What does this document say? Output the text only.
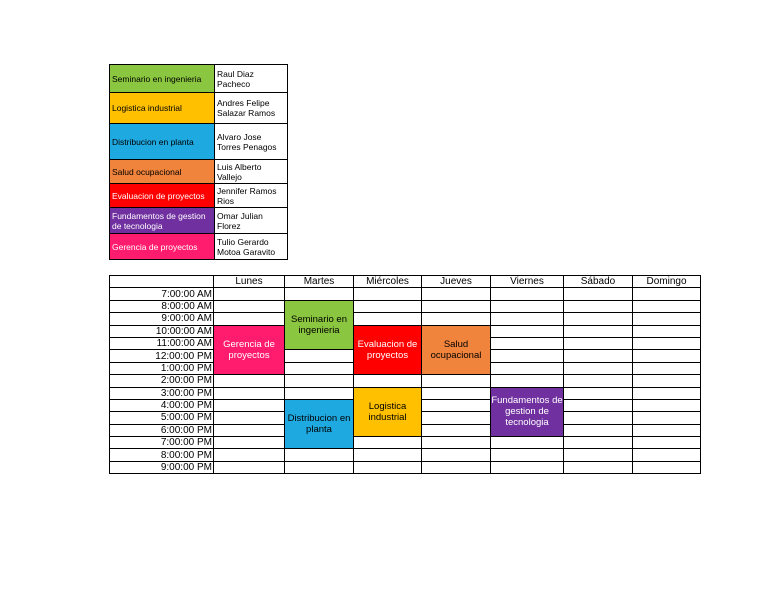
Seminario en ingenieria	Raul Diaz Pacheco
Logistica industrial	Andres Felipe Salazar Ramos
Distribucion en planta	Alvaro Jose Torres Penagos
Salud ocupacional	Luis Alberto Vallejo
Evaluacion de proyectos	Jennifer Ramos Rios
Fundamentos de gestion de tecnologia	Omar Julian Florez
Gerencia de proyectos	Tulio Gerardo Motoa Garavito
	Lunes	Martes	Miércoles	Jueves	Viernes	Sábado	Domingo
7:00:00 AM							
8:00:00 AM		Seminario en ingenieria					
9:00:00 AM							
10:00:00 AM	Gerencia de proyectos		Evaluacion de proyectos	Salud ocupacional			
11:00:00 AM							
12:00:00 PM							
1:00:00 PM							
2:00:00 PM							
3:00:00 PM			Logistica industrial		Fundamentos de gestion de tecnologia		
4:00:00 PM		Distribucion en planta					
5:00:00 PM							
6:00:00 PM							
7:00:00 PM							
8:00:00 PM							
9:00:00 PM							
